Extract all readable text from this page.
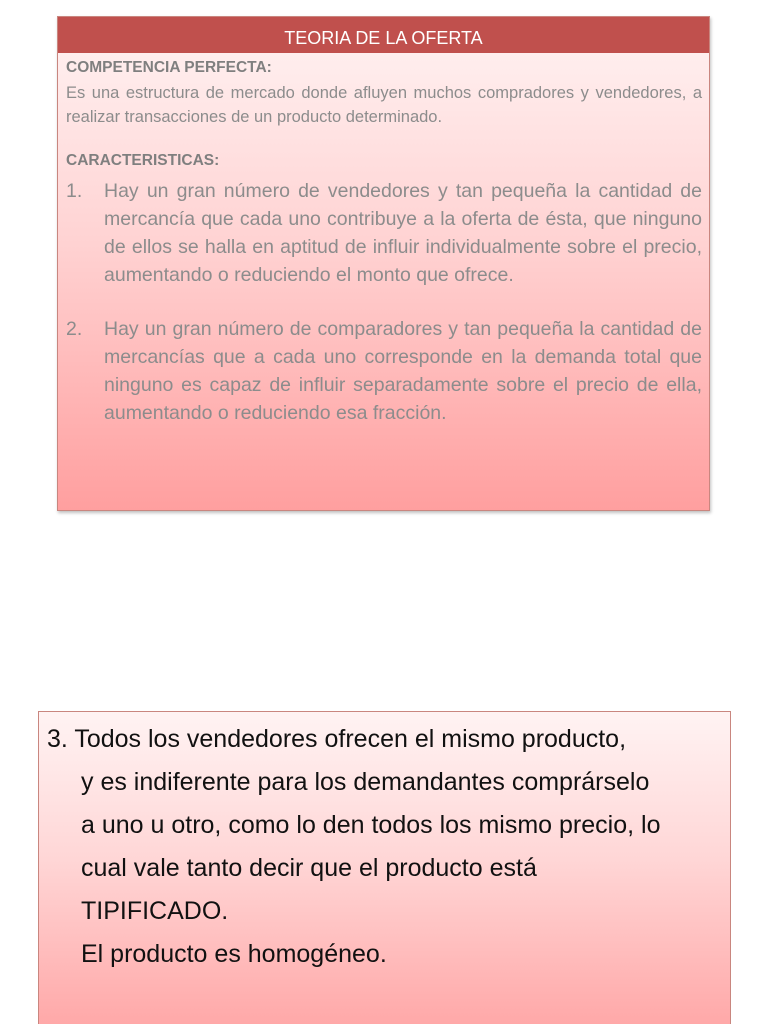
TEORIA DE LA OFERTA

COMPETENCIA PERFECTA:

Es una estructura de mercado donde afluyen muchos compradores y vendedores, a realizar transacciones de un producto determinado.

CARACTERISTICAS:

1.	Hay un gran número de vendedores y tan pequeña la cantidad de mercancía que cada uno contribuye a la oferta de ésta, que ninguno de ellos se halla en aptitud de influir individualmente sobre el precio, aumentando o reduciendo el monto que ofrece.
2.	Hay un gran número de comparadores y tan pequeña la cantidad de mercancías que a cada uno corresponde en la demanda total que ninguno es capaz de influir separadamente sobre el precio de ella, aumentando o reduciendo esa fracción.
3. Todos los vendedores ofrecen el mismo producto,
y es indiferente para los demandantes comprárselo
a uno u otro, como lo den todos los mismo precio, lo
cual vale tanto decir que el producto está
TIPIFICADO.
El producto es homogéneo.
